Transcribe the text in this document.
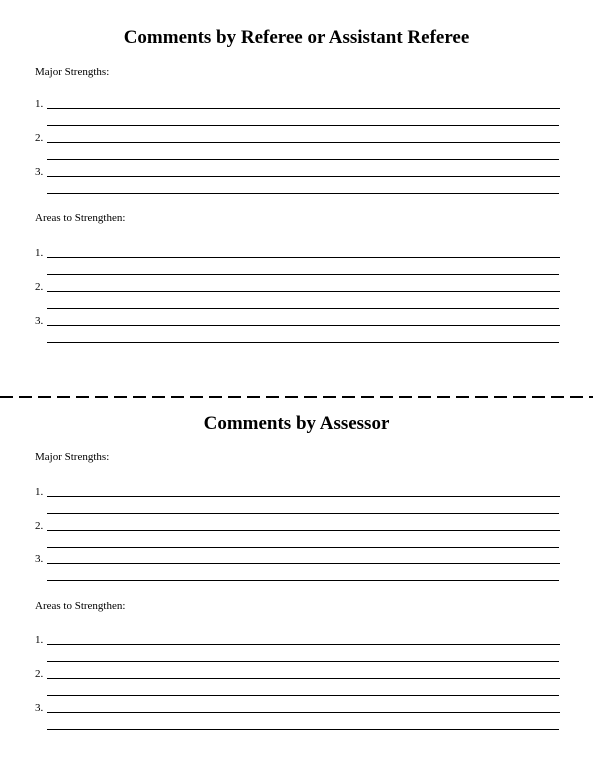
Comments by Referee or Assistant Referee
Major Strengths:
1.
2.
3.
Areas to Strengthen:
1.
2.
3.
Comments by Assessor
Major Strengths:
1.
2.
3.
Areas to Strengthen:
1.
2.
3.
